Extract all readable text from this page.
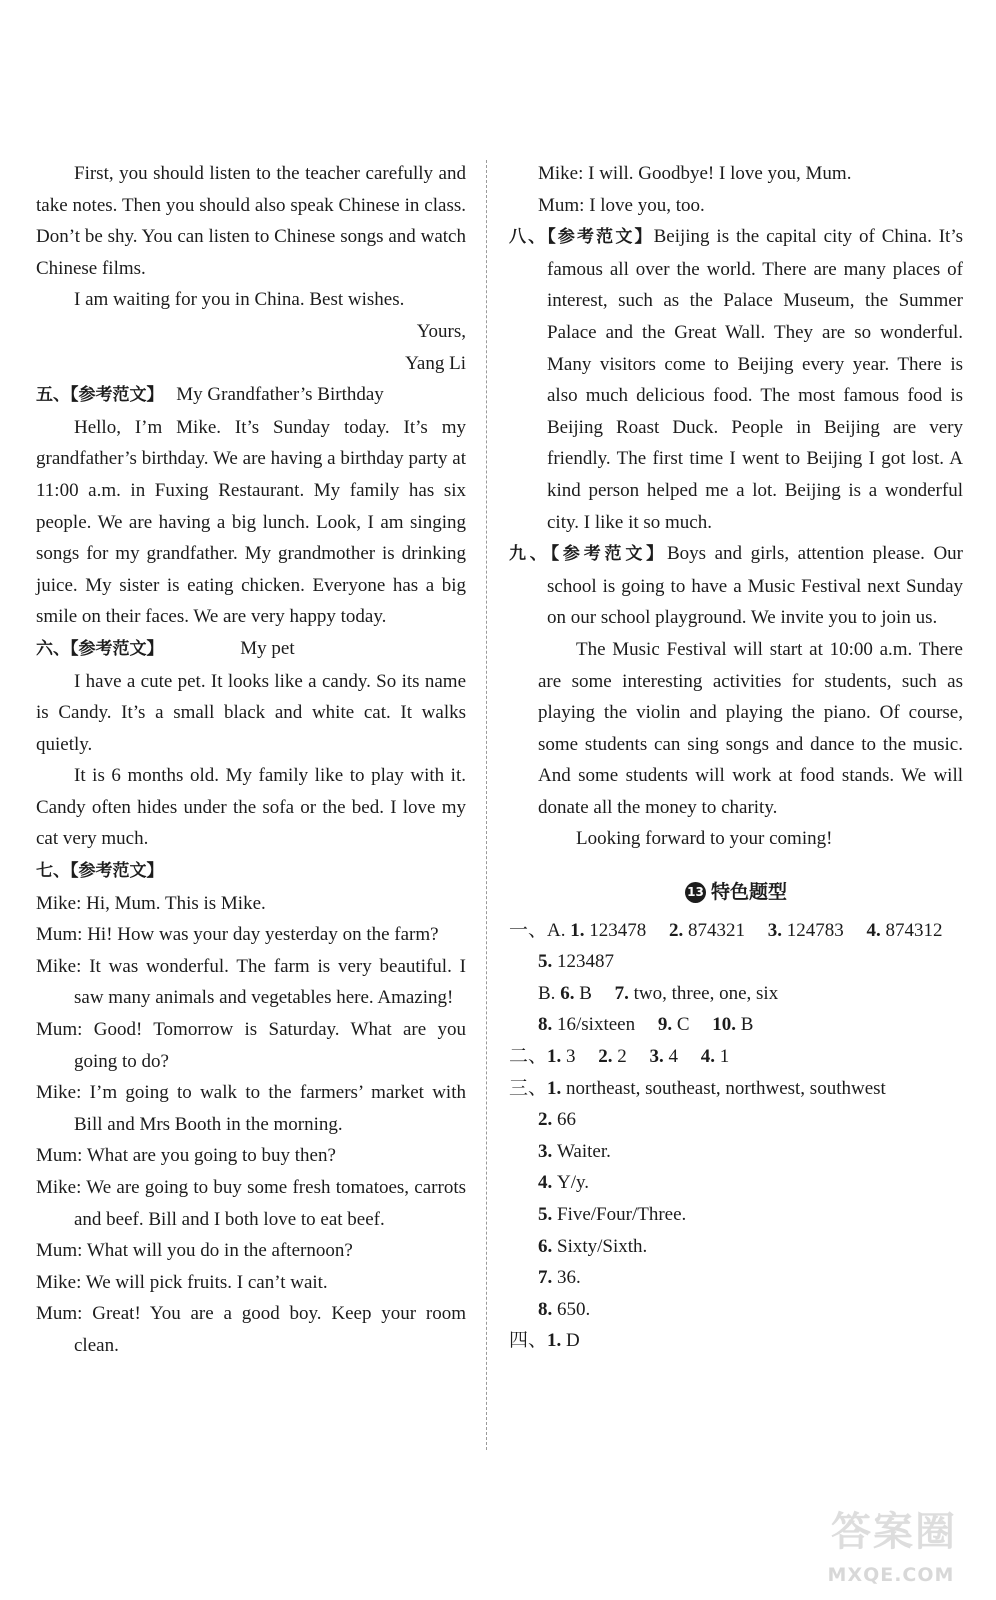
First, you should listen to the teacher carefully and take notes. Then you should also speak Chinese in class. Don’t be shy. You can listen to Chinese songs and watch Chinese films.

I am waiting for you in China. Best wishes.

Yours,

Yang Li

五、【参考范文】 My Grandfather’s Birthday

Hello, I’m Mike. It’s Sunday today. It’s my grandfather’s birthday. We are having a birthday party at 11:00 a.m. in Fuxing Restaurant. My family has six people. We are having a big lunch. Look, I am singing songs for my grandfather. My grandmother is drinking juice. My sister is eating chicken. Everyone has a big smile on their faces. We are very happy today.

六、【参考范文】	My pet

I have a cute pet. It looks like a candy. So its name is Candy. It’s a small black and white cat. It walks quietly.

It is 6 months old. My family like to play with it. Candy often hides under the sofa or the bed. I love my cat very much.

七、【参考范文】

Mike: Hi, Mum. This is Mike.

Mum: Hi! How was your day yesterday on the farm?

Mike: It was wonderful. The farm is very beautiful. I saw many animals and vegetables here. Amazing!

Mum: Good! Tomorrow is Saturday. What are you going to do?

Mike: I’m going to walk to the farmers’ market with Bill and Mrs Booth in the morning.

Mum: What are you going to buy then?

Mike: We are going to buy some fresh tomatoes, carrots and beef. Bill and I both love to eat beef.

Mum: What will you do in the afternoon?

Mike: We will pick fruits. I can’t wait.

Mum: Great! You are a good boy. Keep your room clean.

Mike: I will. Goodbye! I love you, Mum.

Mum: I love you, too.

八、【参考范文】Beijing is the capital city of China. It’s famous all over the world. There are many places of interest, such as the Palace Museum, the Summer Palace and the Great Wall. They are so wonderful. Many visitors come to Beijing every year. There is also much delicious food. The most famous food is Beijing Roast Duck. People in Beijing are very friendly. The first time I went to Beijing I got lost. A kind person helped me a lot. Beijing is a wonderful city. I like it so much.

九、【参考范文】Boys and girls, attention please. Our school is going to have a Music Festival next Sunday on our school playground. We invite you to join us.

The Music Festival will start at 10:00 a.m. There are some interesting activities for students, such as playing the violin and playing the piano. Of course, some students can sing songs and dance to the music. And some students will work at food stands. We will donate all the money to charity.

Looking forward to your coming!

13 特色题型

一、A. 1. 123478 2. 874321 3. 124783 4. 874312

5. 123487

B. 6. B 7. two, three, one, six

8. 16/sixteen 9. C 10. B

二、1. 3 2. 2 3. 4 4. 1

三、1. northeast, southeast, northwest, southwest

2. 66

3. Waiter.

4. Y/y.

5. Five/Four/Three.

6. Sixty/Sixth.

7. 36.

8. 650.

四、1. D

答案圈
MXQE.COM
